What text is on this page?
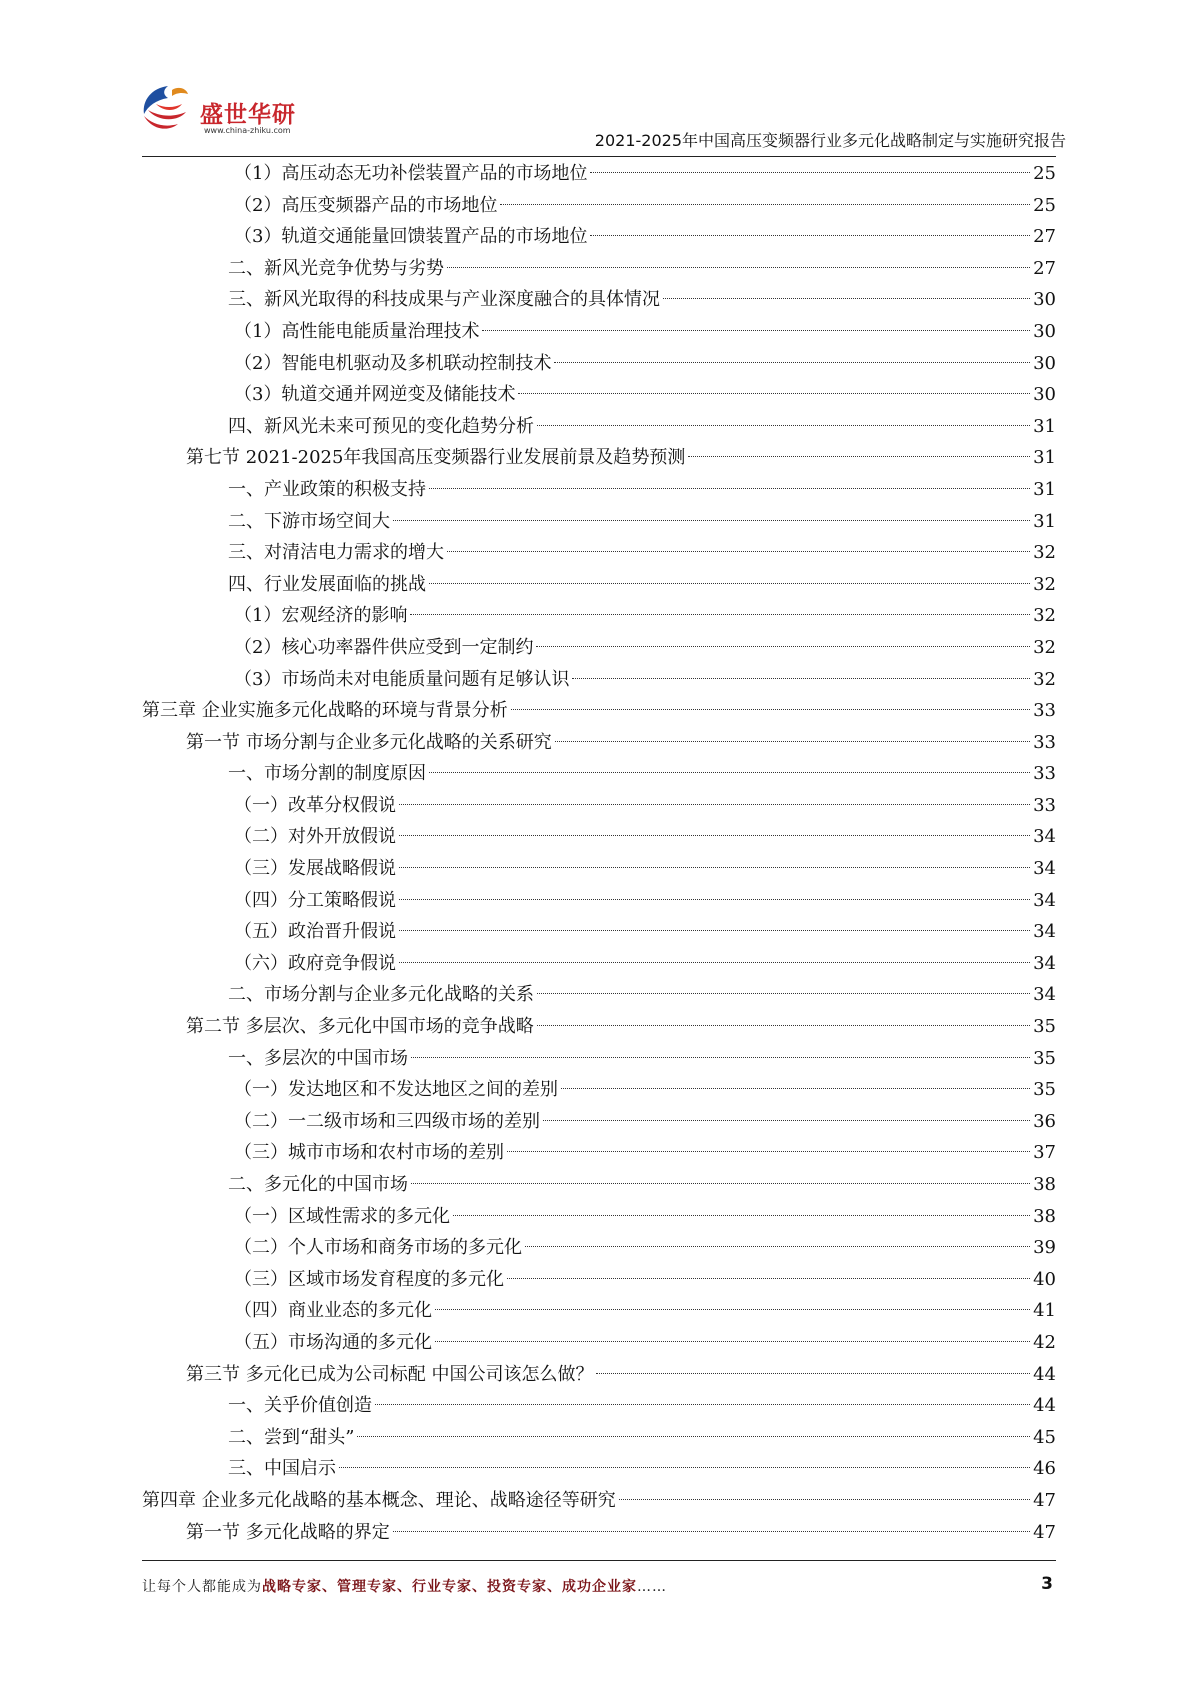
盛世华研
www.china-zhiku.com
2021-2025年中国高压变频器行业多元化战略制定与实施研究报告
（1）高压动态无功补偿装置产品的市场地位	25
（2）高压变频器产品的市场地位	25
（3）轨道交通能量回馈装置产品的市场地位	27
二、新风光竞争优势与劣势	27
三、新风光取得的科技成果与产业深度融合的具体情况	30
（1）高性能电能质量治理技术	30
（2）智能电机驱动及多机联动控制技术	30
（3）轨道交通并网逆变及储能技术	30
四、新风光未来可预见的变化趋势分析	31
第七节 2021-2025年我国高压变频器行业发展前景及趋势预测	31
一、产业政策的积极支持	31
二、下游市场空间大	31
三、对清洁电力需求的增大	32
四、行业发展面临的挑战	32
（1）宏观经济的影响	32
（2）核心功率器件供应受到一定制约	32
（3）市场尚未对电能质量问题有足够认识	32
第三章 企业实施多元化战略的环境与背景分析	33
第一节 市场分割与企业多元化战略的关系研究	33
一、市场分割的制度原因	33
（一）改革分权假说	33
（二）对外开放假说	34
（三）发展战略假说	34
（四）分工策略假说	34
（五）政治晋升假说	34
（六）政府竞争假说	34
二、市场分割与企业多元化战略的关系	34
第二节 多层次、多元化中国市场的竞争战略	35
一、多层次的中国市场	35
（一）发达地区和不发达地区之间的差别	35
（二）一二级市场和三四级市场的差别	36
（三）城市市场和农村市场的差别	37
二、多元化的中国市场	38
（一）区域性需求的多元化	38
（二）个人市场和商务市场的多元化	39
（三）区域市场发育程度的多元化	40
（四）商业业态的多元化	41
（五）市场沟通的多元化	42
第三节 多元化已成为公司标配 中国公司该怎么做？	44
一、关乎价值创造	44
二、尝到“甜头”	45
三、中国启示	46
第四章 企业多元化战略的基本概念、理论、战略途径等研究	47
第一节 多元化战略的界定	47
让每个人都能成为战略专家、管理专家、行业专家、投资专家、成功企业家……	3
